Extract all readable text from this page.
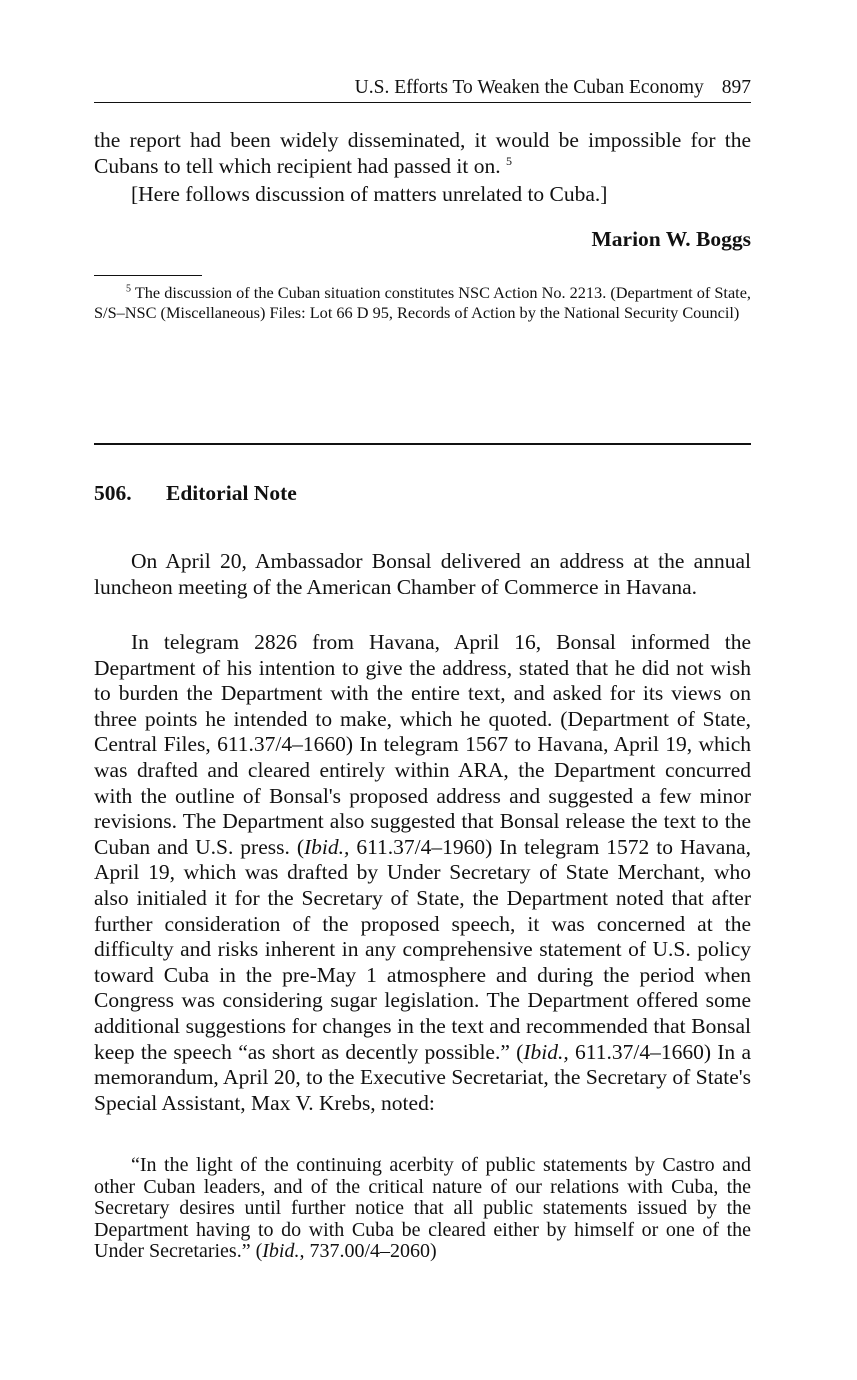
U.S. Efforts To Weaken the Cuban Economy 897

the report had been widely disseminated, it would be impossible for the Cubans to tell which recipient had passed it on. $^5$

[Here follows discussion of matters unrelated to Cuba.]

Marion W. Boggs

$^5$ The discussion of the Cuban situation constitutes NSC Action No. 2213. (Department of State, S/S–NSC (Miscellaneous) Files: Lot 66 D 95, Records of Action by the National Security Council)

506. Editorial Note

On April 20, Ambassador Bonsal delivered an address at the annual luncheon meeting of the American Chamber of Commerce in Havana.

In telegram 2826 from Havana, April 16, Bonsal informed the Department of his intention to give the address, stated that he did not wish to burden the Department with the entire text, and asked for its views on three points he intended to make, which he quoted. (Department of State, Central Files, 611.37/4–1660) In telegram 1567 to Havana, April 19, which was drafted and cleared entirely within ARA, the Department concurred with the outline of Bonsal's proposed address and suggested a few minor revisions. The Department also suggested that Bonsal release the text to the Cuban and U.S. press. (Ibid., 611.37/4–1960) In telegram 1572 to Havana, April 19, which was drafted by Under Secretary of State Merchant, who also initialed it for the Secretary of State, the Department noted that after further consideration of the proposed speech, it was concerned at the difficulty and risks inherent in any comprehensive statement of U.S. policy toward Cuba in the pre-May 1 atmosphere and during the period when Congress was considering sugar legislation. The Department offered some additional suggestions for changes in the text and recommended that Bonsal keep the speech “as short as decently possible.” (Ibid., 611.37/4–1660) In a memorandum, April 20, to the Executive Secretariat, the Secretary of State's Special Assistant, Max V. Krebs, noted:

“In the light of the continuing acerbity of public statements by Castro and other Cuban leaders, and of the critical nature of our relations with Cuba, the Secretary desires until further notice that all public statements issued by the Department having to do with Cuba be cleared either by himself or one of the Under Secretaries.” (Ibid., 737.00/4–2060)
